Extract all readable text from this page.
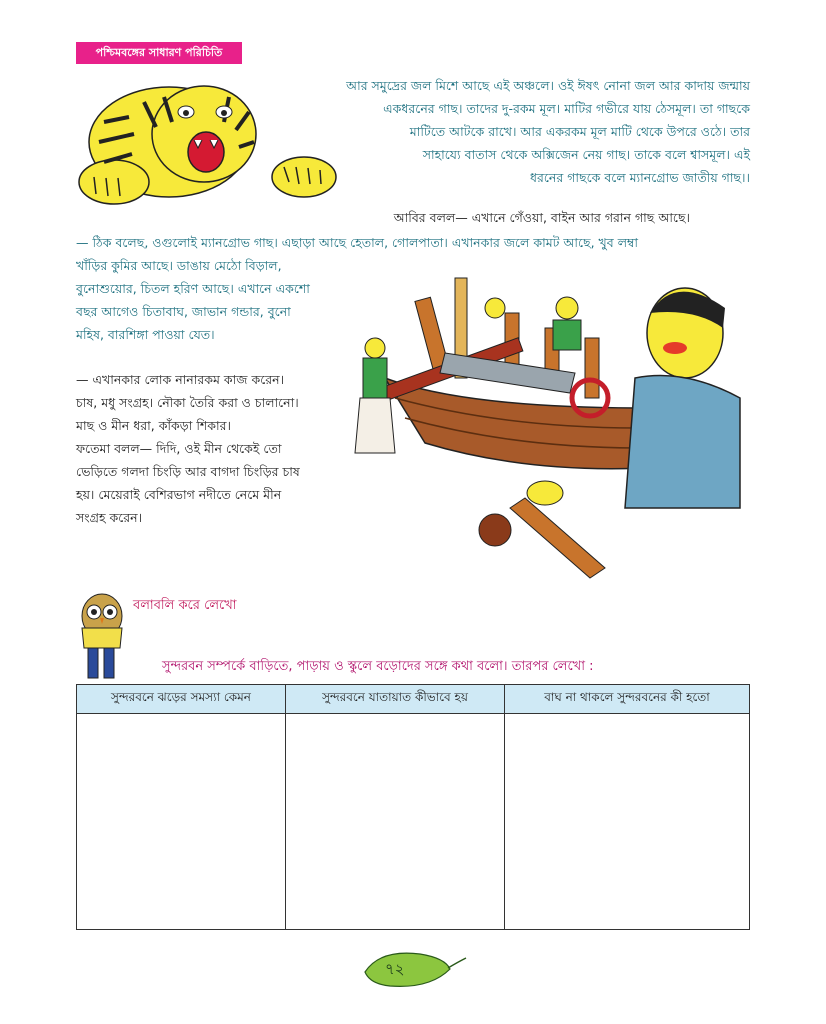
পশ্চিমবঙ্গের সাধারণ পরিচিতি
আর সমুদ্রের জল মিশে আছে এই অঞ্চলে। ওই ঈষৎ নোনা জল আর কাদায় জন্মায়
একধরনের গাছ। তাদের দু-রকম মূল। মাটির গভীরে যায় ঠেসমূল। তা গাছকে
মাটিতে আটকে রাখে। আর একরকম মূল মাটি থেকে উপরে ওঠে। তার
সাহায্যে বাতাস থেকে অক্সিজেন নেয় গাছ। তাকে বলে শ্বাসমূল। এই
ধরনের গাছকে বলে ম্যানগ্রোভ জাতীয় গাছ।।
আবির বলল— এখানে গেঁওয়া, বাইন আর গরান গাছ আছে।
— ঠিক বলেছ, ওগুলোই ম্যানগ্রোভ গাছ। এছাড়া আছে হেতাল, গোলপাতা। এখানকার জলে কামট আছে, খুব লম্বা
খাঁড়ির কুমির আছে। ডাঙায় মেঠো বিড়াল,
বুনোশুয়োর, চিতল হরিণ আছে। এখানে একশো
বছর আগেও চিতাবাঘ, জাভান গন্ডার, বুনো
মহিষ, বারশিঙ্গা পাওয়া যেত।
— এখানকার লোক নানারকম কাজ করেন।
চাষ, মধু সংগ্রহ। নৌকা তৈরি করা ও চালানো।
মাছ ও মীন ধরা, কাঁকড়া শিকার।
ফতেমা বলল— দিদি, ওই মীন থেকেই তো
ভেড়িতে গলদা চিংড়ি আর বাগদা চিংড়ির চাষ
হয়। মেয়েরাই বেশিরভাগ নদীতে নেমে মীন
সংগ্রহ করেন।
বলাবলি করে লেখো
সুন্দরবন সম্পর্কে বাড়িতে, পাড়ায় ও স্কুলে বড়োদের সঙ্গে কথা বলো। তারপর লেখো :
সুন্দরবনে ঝড়ের সমস্যা কেমন	সুন্দরবনে যাতায়াত কীভাবে হয়	বাঘ না থাকলে সুন্দরবনের কী হতো

৭২
